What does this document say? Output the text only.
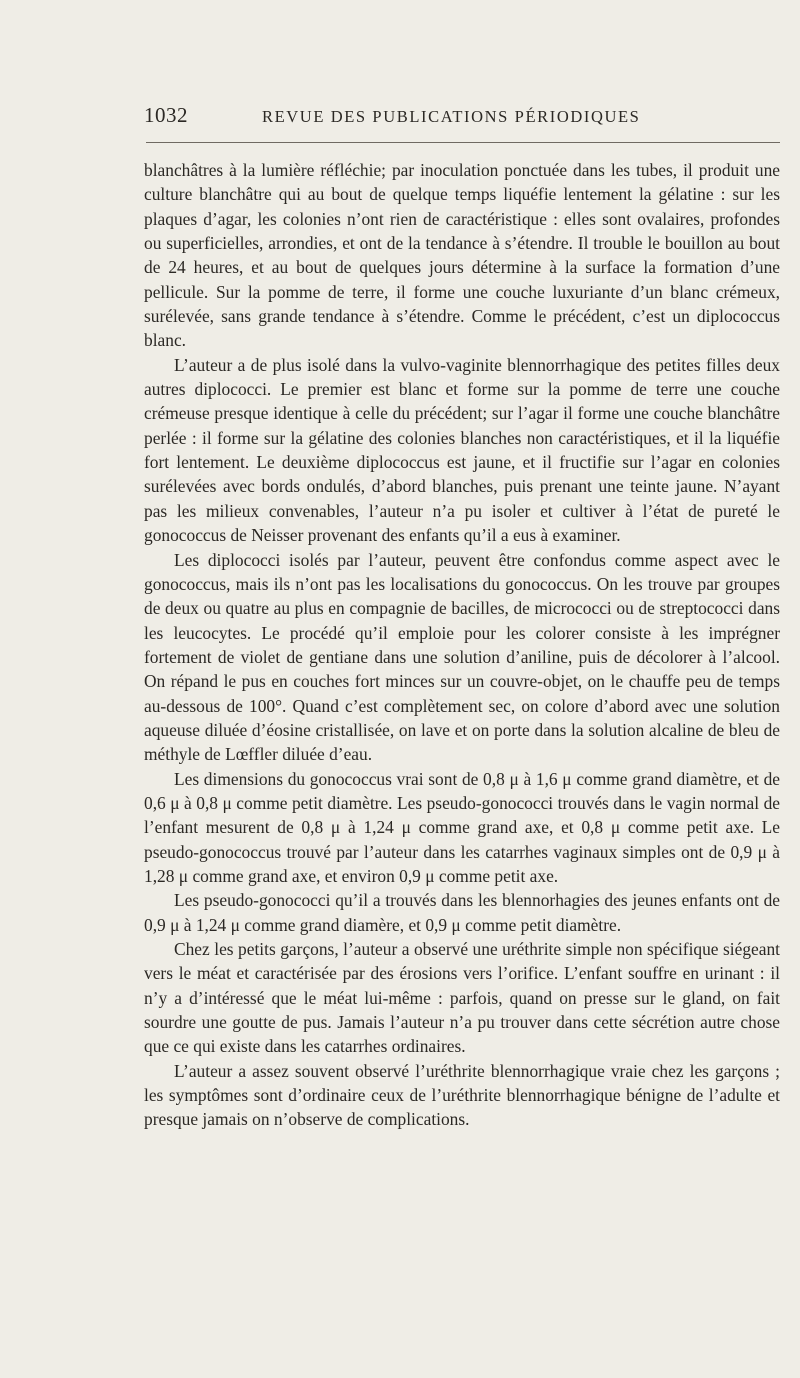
1032	REVUE DES PUBLICATIONS PÉRIODIQUES

blanchâtres à la lumière réfléchie; par inoculation ponctuée dans les tubes, il produit une culture blanchâtre qui au bout de quelque temps liquéfie lentement la gélatine : sur les plaques d’agar, les colonies n’ont rien de caractéristique : elles sont ovalaires, profondes ou superficielles, arrondies, et ont de la tendance à s’étendre. Il trouble le bouillon au bout de 24 heures, et au bout de quelques jours détermine à la surface la formation d’une pellicule. Sur la pomme de terre, il forme une couche luxuriante d’un blanc crémeux, surélevée, sans grande tendance à s’étendre. Comme le précédent, c’est un diplococcus blanc.

L’auteur a de plus isolé dans la vulvo-vaginite blennorrhagique des petites filles deux autres diplococci. Le premier est blanc et forme sur la pomme de terre une couche crémeuse presque identique à celle du précédent; sur l’agar il forme une couche blanchâtre perlée : il forme sur la gélatine des colonies blanches non caractéristiques, et il la liquéfie fort lentement. Le deuxième diplococcus est jaune, et il fructifie sur l’agar en colonies surélevées avec bords ondulés, d’abord blanches, puis prenant une teinte jaune. N’ayant pas les milieux convenables, l’auteur n’a pu isoler et cultiver à l’état de pureté le gonococcus de Neisser provenant des enfants qu’il a eus à examiner.

Les diplococci isolés par l’auteur, peuvent être confondus comme aspect avec le gonococcus, mais ils n’ont pas les localisations du gonococcus. On les trouve par groupes de deux ou quatre au plus en compagnie de bacilles, de micrococci ou de streptococci dans les leucocytes. Le procédé qu’il emploie pour les colorer consiste à les imprégner fortement de violet de gentiane dans une solution d’aniline, puis de décolorer à l’alcool. On répand le pus en couches fort minces sur un couvre-objet, on le chauffe peu de temps au-dessous de 100°. Quand c’est complètement sec, on colore d’abord avec une solution aqueuse diluée d’éosine cristallisée, on lave et on porte dans la solution alcaline de bleu de méthyle de Lœffler diluée d’eau.

Les dimensions du gonococcus vrai sont de 0,8 μ à 1,6 μ comme grand diamètre, et de 0,6 μ à 0,8 μ comme petit diamètre. Les pseudo-gonococci trouvés dans le vagin normal de l’enfant mesurent de 0,8 μ à 1,24 μ comme grand axe, et 0,8 μ comme petit axe. Le pseudo-gonococcus trouvé par l’auteur dans les catarrhes vaginaux simples ont de 0,9 μ à 1,28 μ comme grand axe, et environ 0,9 μ comme petit axe.

Les pseudo-gonococci qu’il a trouvés dans les blennorhagies des jeunes enfants ont de 0,9 μ à 1,24 μ comme grand diamère, et 0,9 μ comme petit diamètre.

Chez les petits garçons, l’auteur a observé une uréthrite simple non spécifique siégeant vers le méat et caractérisée par des érosions vers l’orifice. L’enfant souffre en urinant : il n’y a d’intéressé que le méat lui-même : parfois, quand on presse sur le gland, on fait sourdre une goutte de pus. Jamais l’auteur n’a pu trouver dans cette sécrétion autre chose que ce qui existe dans les catarrhes ordinaires.

L’auteur a assez souvent observé l’uréthrite blennorrhagique vraie chez les garçons ; les symptômes sont d’ordinaire ceux de l’uréthrite blennorrhagique bénigne de l’adulte et presque jamais on n’observe de complications.
